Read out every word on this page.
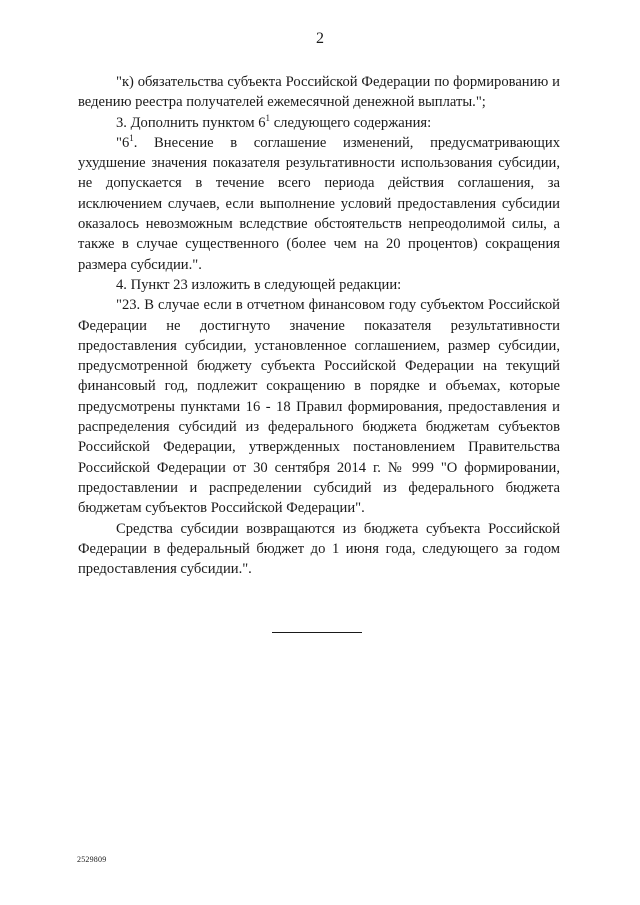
2

"к) обязательства субъекта Российской Федерации по формированию и ведению реестра получателей ежемесячной денежной выплаты.";

3. Дополнить пунктом $6^1$ следующего содержания:

"$6^1$. Внесение в соглашение изменений, предусматривающих ухудшение значения показателя результативности использования субсидии, не допускается в течение всего периода действия соглашения, за исключением случаев, если выполнение условий предоставления субсидии оказалось невозможным вследствие обстоятельств непреодолимой силы, а также в случае существенного (более чем на 20 процентов) сокращения размера субсидии.".

4. Пункт 23 изложить в следующей редакции:

"23. В случае если в отчетном финансовом году субъектом Российской Федерации не достигнуто значение показателя результативности предоставления субсидии, установленное соглашением, размер субсидии, предусмотренной бюджету субъекта Российской Федерации на текущий финансовый год, подлежит сокращению в порядке и объемах, которые предусмотрены пунктами 16 - 18 Правил формирования, предоставления и распределения субсидий из федерального бюджета бюджетам субъектов Российской Федерации, утвержденных постановлением Правительства Российской Федерации от 30 сентября 2014 г. № 999 "О формировании, предоставлении и распределении субсидий из федерального бюджета бюджетам субъектов Российской Федерации".

Средства субсидии возвращаются из бюджета субъекта Российской Федерации в федеральный бюджет до 1 июня года, следующего за годом предоставления субсидии.".

2529809
